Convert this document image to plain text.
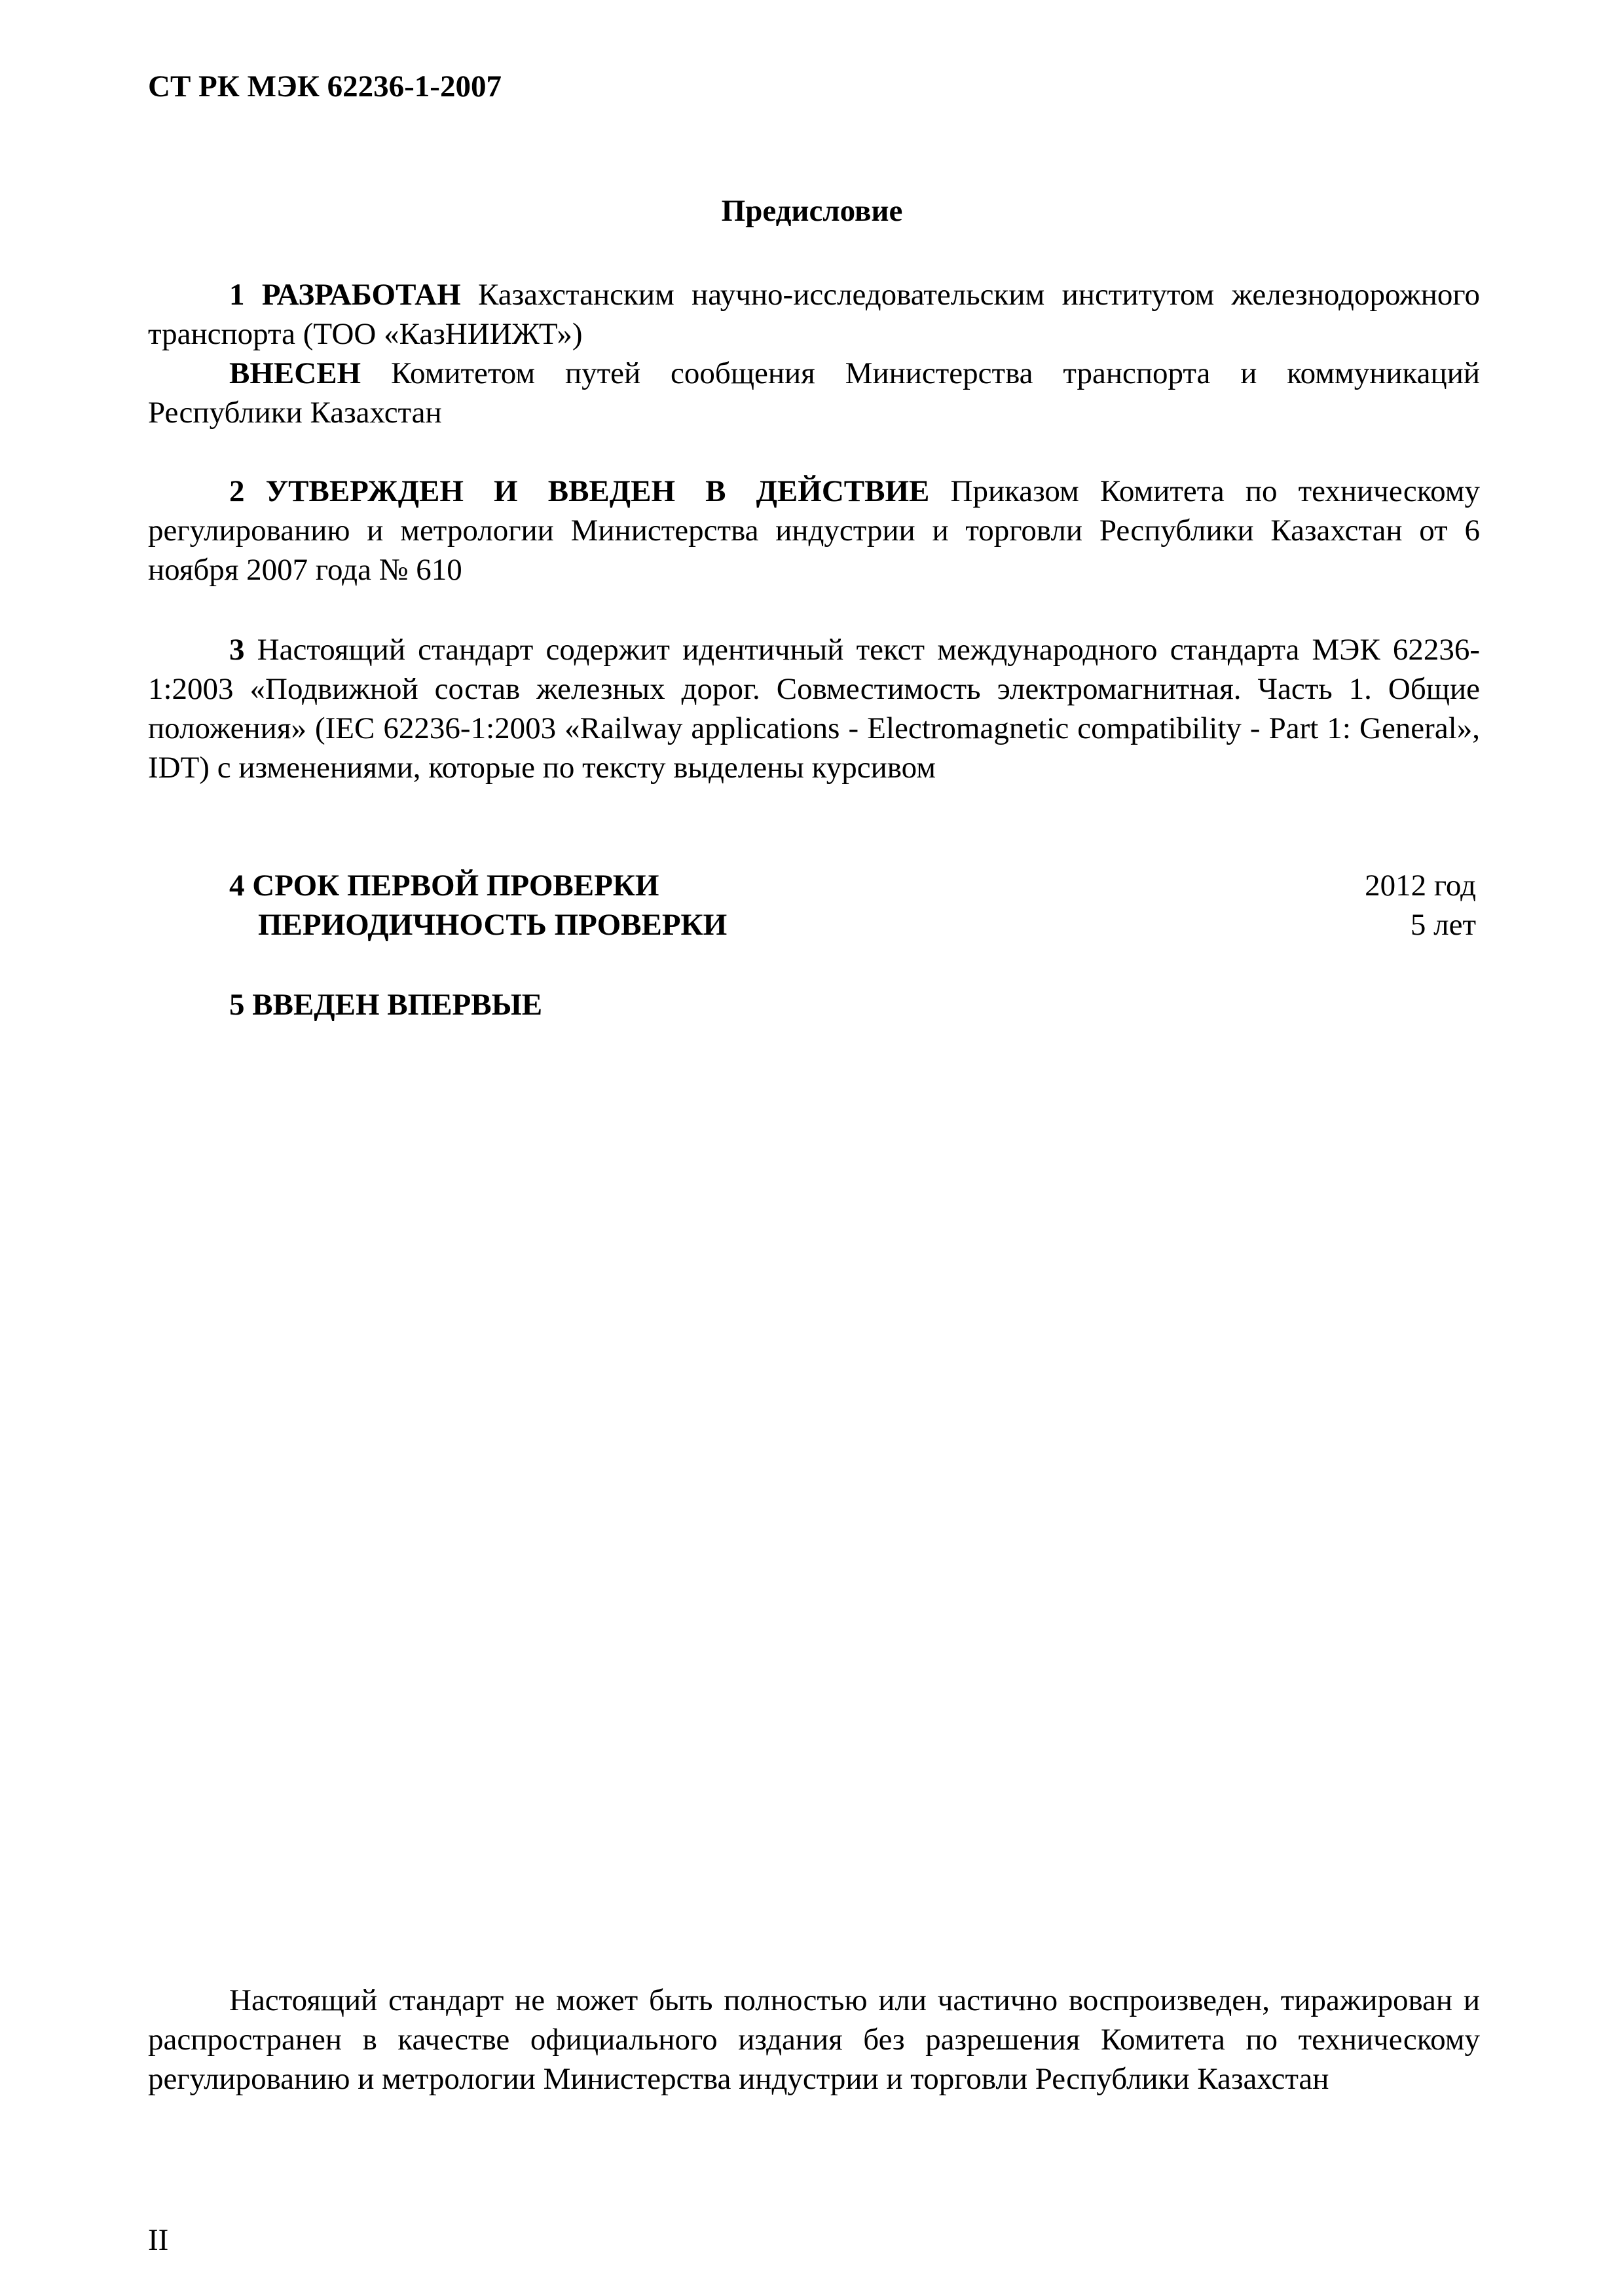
СТ РК МЭК 62236-1-2007
Предисловие
1 РАЗРАБОТАН Казахстанским научно-исследовательским институтом железнодорожного транспорта (ТОО «КазНИИЖТ»)
ВНЕСЕН Комитетом путей сообщения Министерства транспорта и коммуникаций Республики Казахстан
2 УТВЕРЖДЕН И ВВЕДЕН В ДЕЙСТВИЕ Приказом Комитета по техническому регулированию и метрологии Министерства индустрии и торговли Республики Казахстан от 6 ноября 2007 года № 610
3 Настоящий стандарт содержит идентичный текст международного стандарта МЭК 62236-1:2003 «Подвижной состав железных дорог. Совместимость электромагнитная. Часть 1. Общие положения» (IEC 62236-1:2003 «Railway applications - Electromagnetic compatibility - Part 1: General», IDT) с изменениями, которые по тексту выделены курсивом
4 СРОК ПЕРВОЙ ПРОВЕРКИ	2012 год
ПЕРИОДИЧНОСТЬ ПРОВЕРКИ	5 лет
5 ВВЕДЕН ВПЕРВЫЕ
Настоящий стандарт не может быть полностью или частично воспроизведен, тиражирован и распространен в качестве официального издания без разрешения Комитета по техническому регулированию и метрологии Министерства индустрии и торговли Республики Казахстан
II
